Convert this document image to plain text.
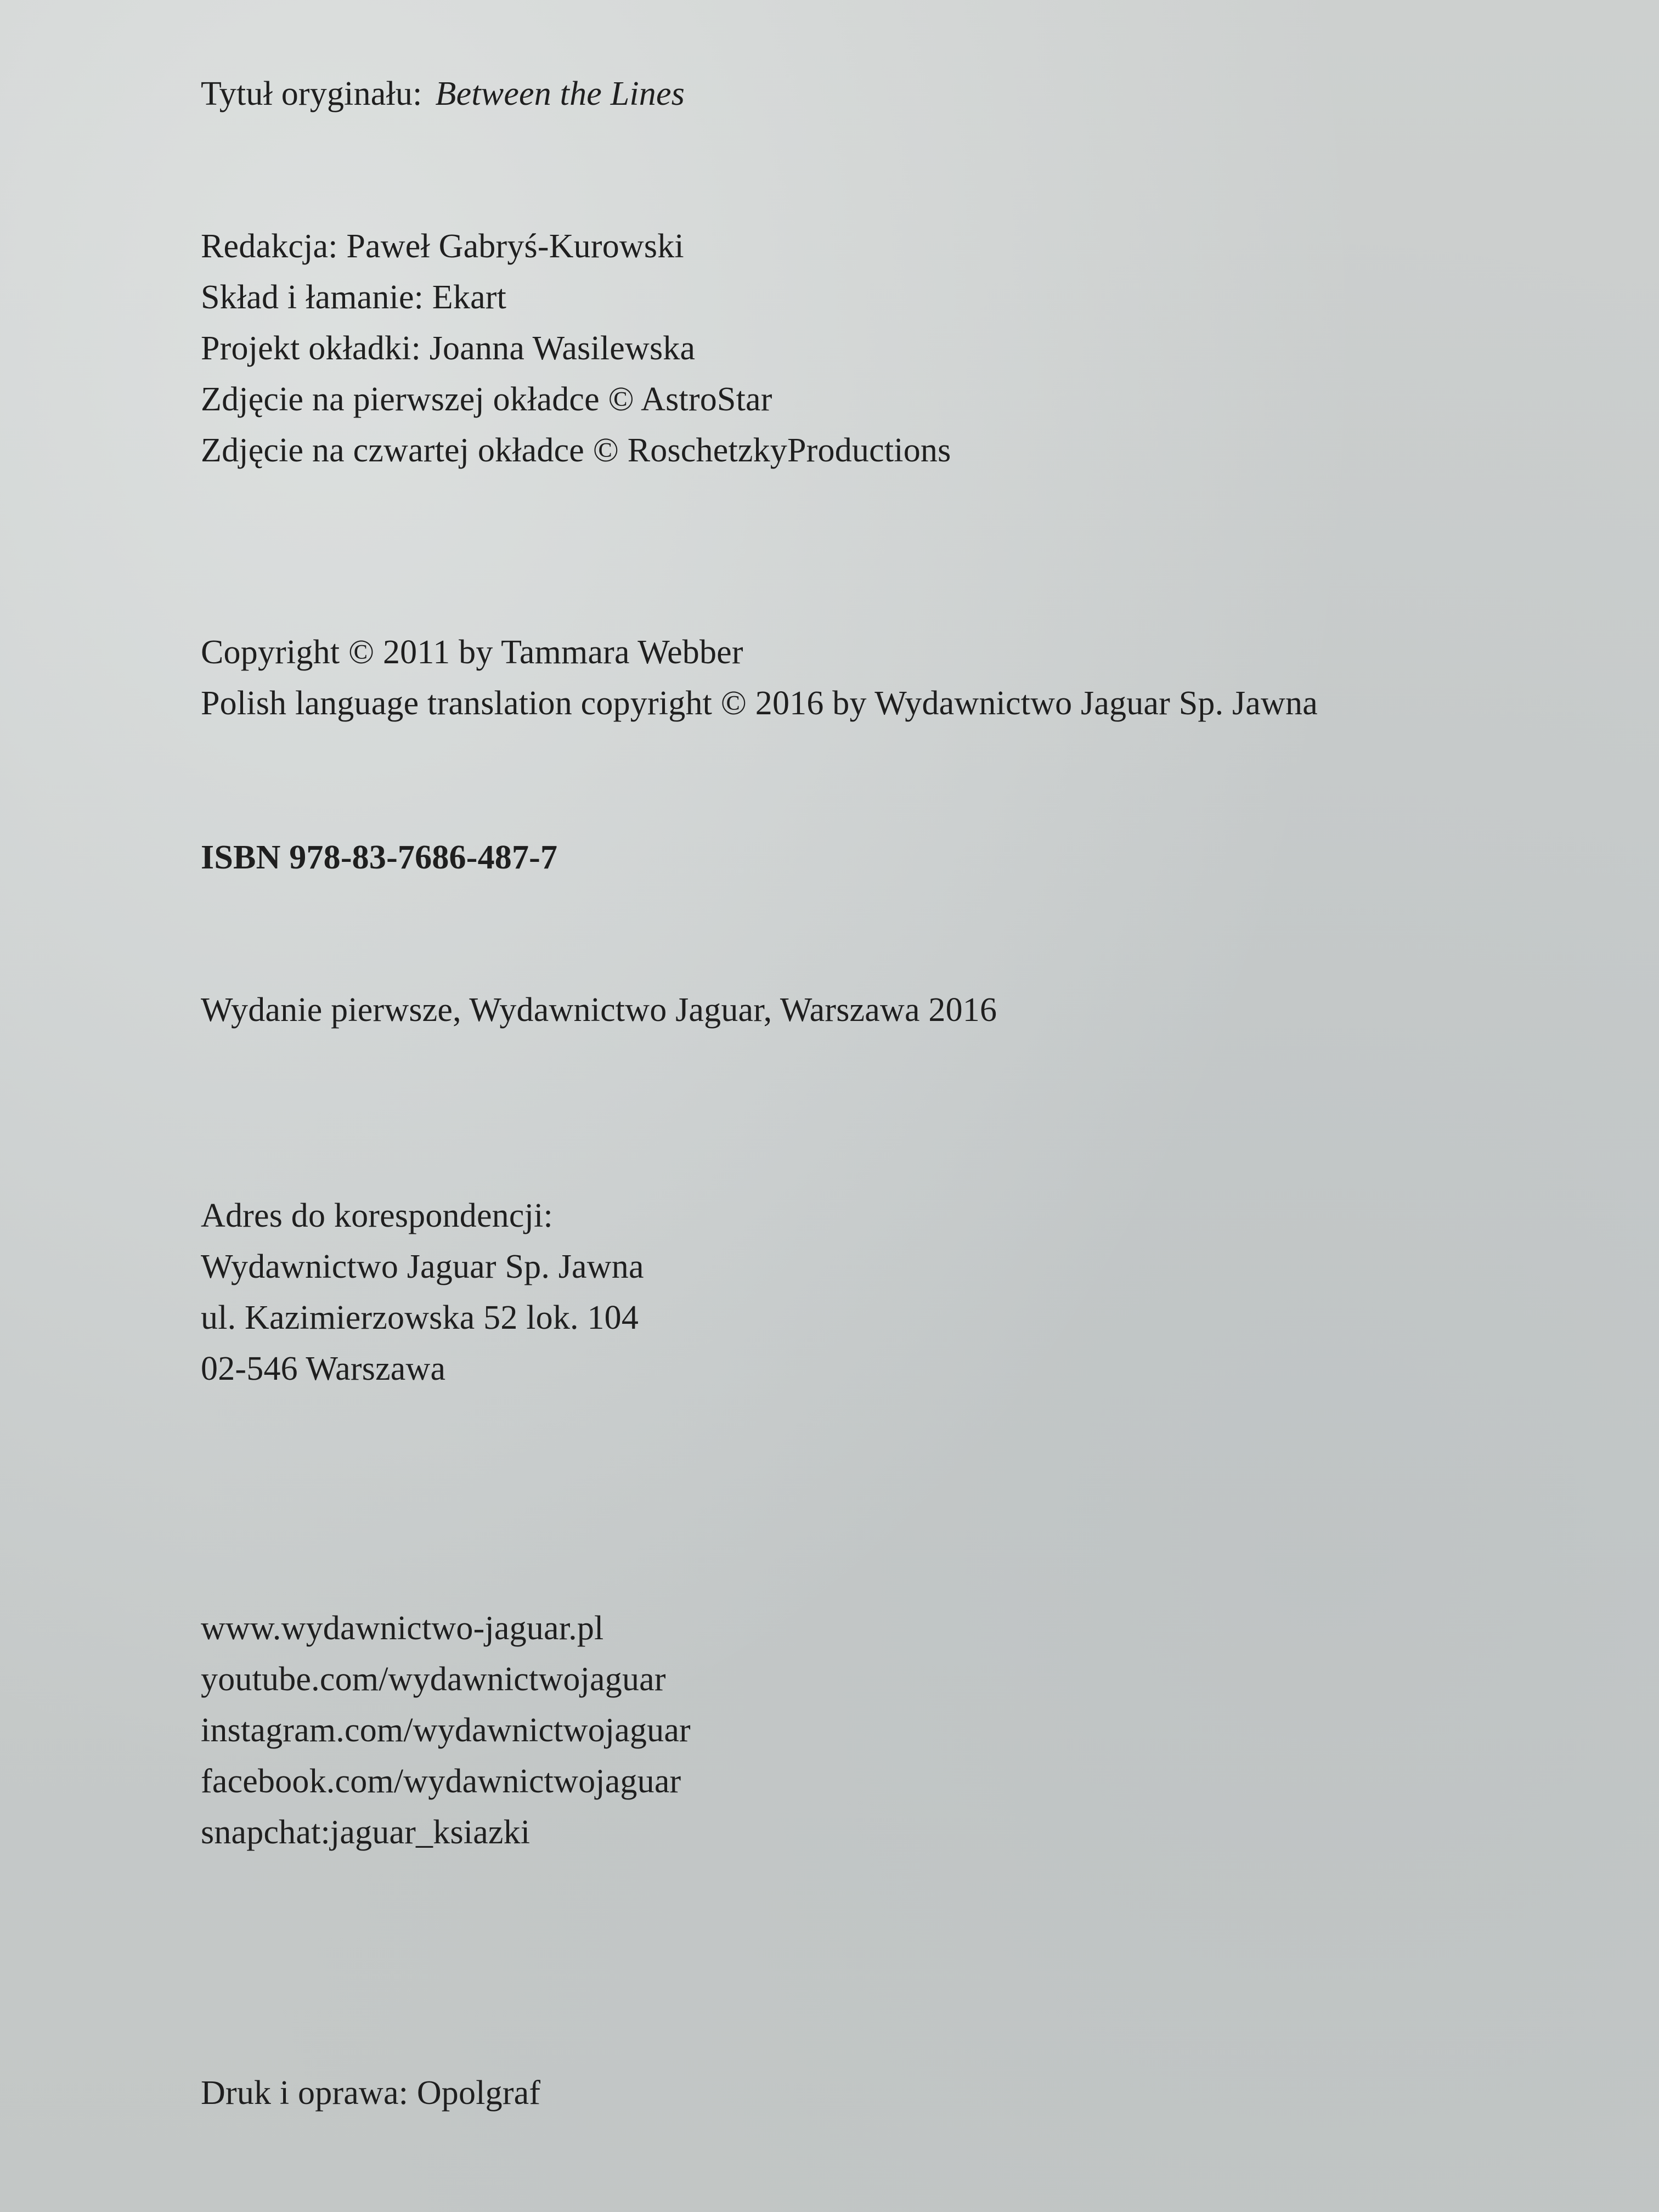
Tytuł oryginału: Between the Lines
Redakcja: Paweł Gabryś-Kurowski
Skład i łamanie: Ekart
Projekt okładki: Joanna Wasilewska
Zdjęcie na pierwszej okładce © AstroStar
Zdjęcie na czwartej okładce © RoschetzkyProductions
Copyright © 2011 by Tammara Webber
Polish language translation copyright © 2016 by Wydawnictwo Jaguar Sp. Jawna
ISBN 978-83-7686-487-7
Wydanie pierwsze, Wydawnictwo Jaguar, Warszawa 2016
Adres do korespondencji:
Wydawnictwo Jaguar Sp. Jawna
ul. Kazimierzowska 52 lok. 104
02-546 Warszawa
www.wydawnictwo-jaguar.pl
youtube.com/wydawnictwojaguar
instagram.com/wydawnictwojaguar
facebook.com/wydawnictwojaguar
snapchat:jaguar_ksiazki
Druk i oprawa: Opolgraf
